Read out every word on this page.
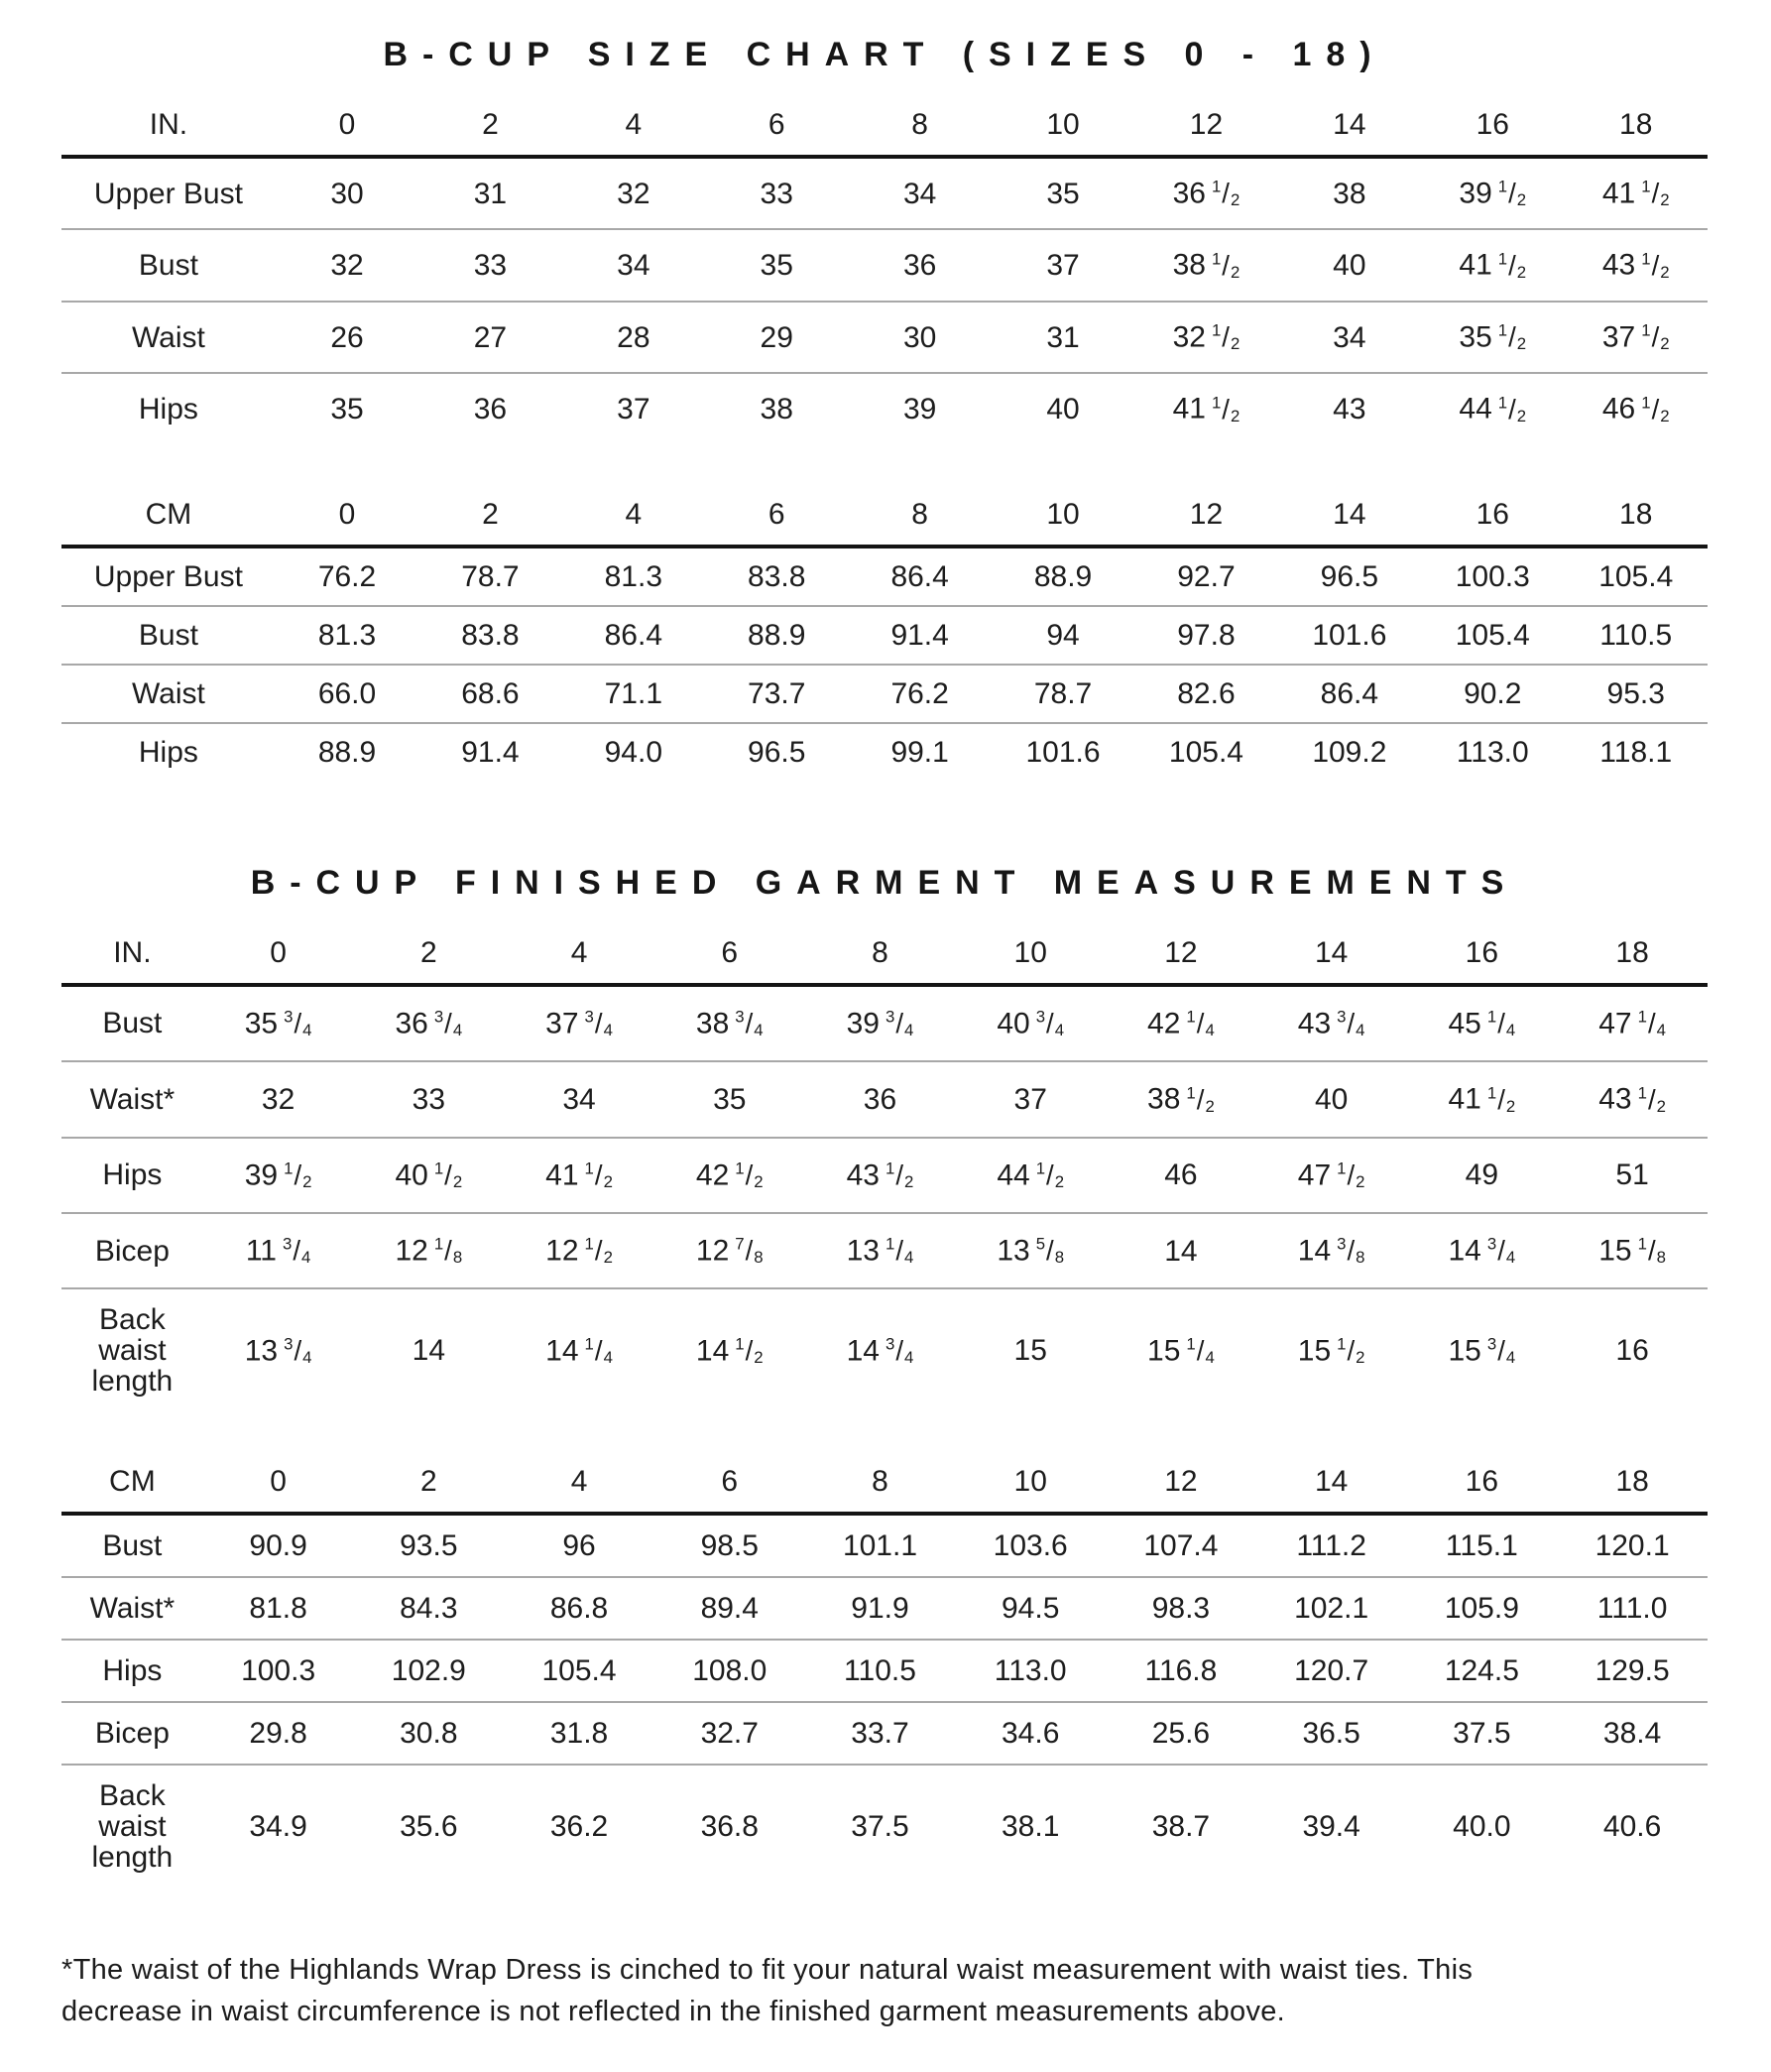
B-CUP SIZE CHART (SIZES 0 - 18)
IN.	0	2	4	6	8	10	12	14	16	18
Upper Bust	30	31	32	33	34	35	36 $^1$/2	38	39 $^1$/2	41 $^1$/2
Bust	32	33	34	35	36	37	38 $^1$/2	40	41 $^1$/2	43 $^1$/2
Waist	26	27	28	29	30	31	32 $^1$/2	34	35 $^1$/2	37 $^1$/2
Hips	35	36	37	38	39	40	41 $^1$/2	43	44 $^1$/2	46 $^1$/2
CM	0	2	4	6	8	10	12	14	16	18
Upper Bust	76.2	78.7	81.3	83.8	86.4	88.9	92.7	96.5	100.3	105.4
Bust	81.3	83.8	86.4	88.9	91.4	94	97.8	101.6	105.4	110.5
Waist	66.0	68.6	71.1	73.7	76.2	78.7	82.6	86.4	90.2	95.3
Hips	88.9	91.4	94.0	96.5	99.1	101.6	105.4	109.2	113.0	118.1
B-CUP FINISHED GARMENT MEASUREMENTS
IN.	0	2	4	6	8	10	12	14	16	18
Bust	35 $^3$/4	36 $^3$/4	37 $^3$/4	38 $^3$/4	39 $^3$/4	40 $^3$/4	42 $^1$/4	43 $^3$/4	45 $^1$/4	47 $^1$/4
Waist*	32	33	34	35	36	37	38 $^1$/2	40	41 $^1$/2	43 $^1$/2
Hips	39 $^1$/2	40 $^1$/2	41 $^1$/2	42 $^1$/2	43 $^1$/2	44 $^1$/2	46	47 $^1$/2	49	51
Bicep	11 $^3$/4	12 $^1$/8	12 $^1$/2	12 $^7$/8	13 $^1$/4	13 $^5$/8	14	14 $^3$/8	14 $^3$/4	15 $^1$/8
Back waist length	13 $^3$/4	14	14 $^1$/4	14 $^1$/2	14 $^3$/4	15	15 $^1$/4	15 $^1$/2	15 $^3$/4	16
CM	0	2	4	6	8	10	12	14	16	18
Bust	90.9	93.5	96	98.5	101.1	103.6	107.4	111.2	115.1	120.1
Waist*	81.8	84.3	86.8	89.4	91.9	94.5	98.3	102.1	105.9	111.0
Hips	100.3	102.9	105.4	108.0	110.5	113.0	116.8	120.7	124.5	129.5
Bicep	29.8	30.8	31.8	32.7	33.7	34.6	25.6	36.5	37.5	38.4
Back waist length	34.9	35.6	36.2	36.8	37.5	38.1	38.7	39.4	40.0	40.6

*The waist of the Highlands Wrap Dress is cinched to fit your natural waist measurement with waist ties. This decrease in waist circumference is not reflected in the finished garment measurements above.
